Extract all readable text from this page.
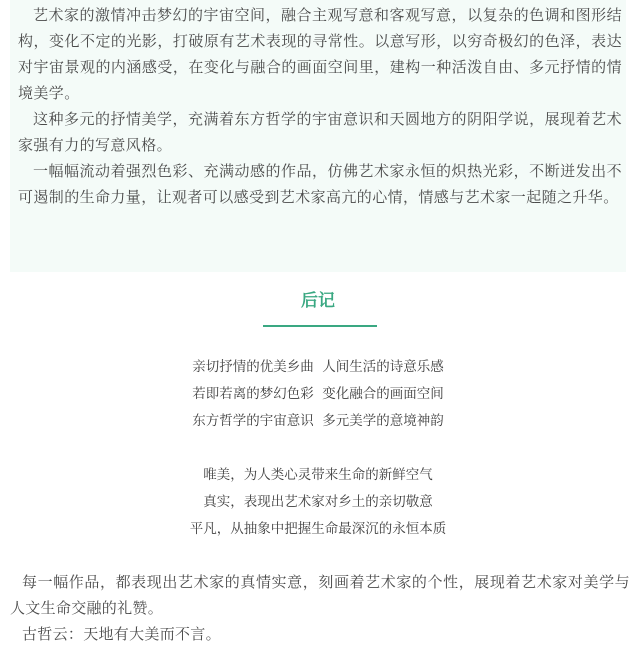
艺术家的激情冲击梦幻的宇宙空间，融合主观写意和客观写意，以复杂的色调和图形结构，变化不定的光影，打破原有艺术表现的寻常性。以意写形，以穷奇极幻的色泽，表达对宇宙景观的内涵感受，在变化与融合的画面空间里，建构一种活泼自由、多元抒情的情境美学。

这种多元的抒情美学，充满着东方哲学的宇宙意识和天圆地方的阴阳学说，展现着艺术家强有力的写意风格。

一幅幅流动着强烈色彩、充满动感的作品，仿佛艺术家永恒的炽热光彩，不断迸发出不可遏制的生命力量，让观者可以感受到艺术家高亢的心情，情感与艺术家一起随之升华。

后记
亲切抒情的优美乡曲  人间生活的诗意乐感
若即若离的梦幻色彩  变化融合的画面空间
东方哲学的宇宙意识  多元美学的意境神韵
唯美，为人类心灵带来生命的新鲜空气
真实，表现出艺术家对乡土的亲切敬意
平凡，从抽象中把握生命最深沉的永恒本质

每一幅作品，都表现出艺术家的真情实意，刻画着艺术家的个性，展现着艺术家对美学与人文生命交融的礼赞。

古哲云：天地有大美而不言。
